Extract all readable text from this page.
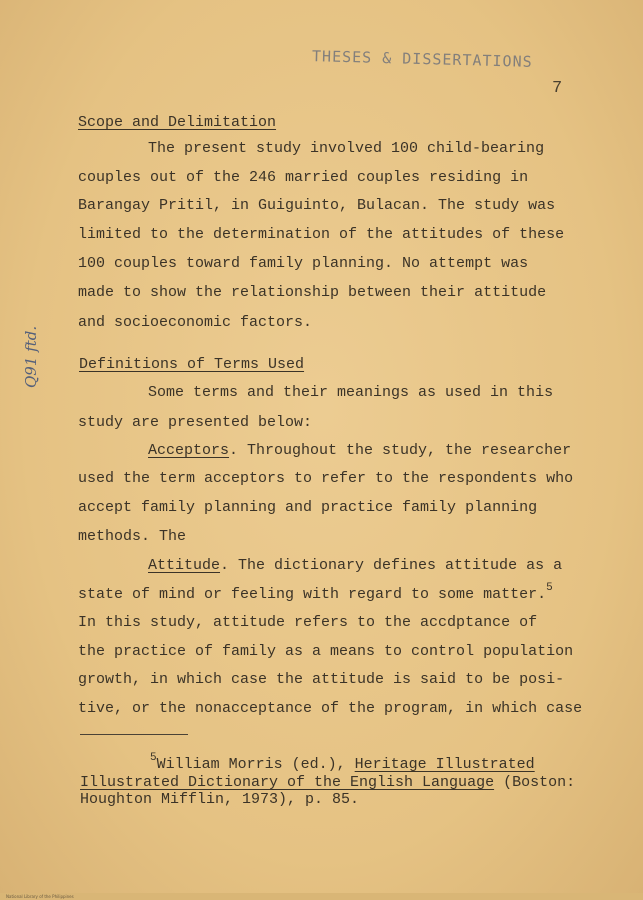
THESES & DISSERTATIONS
7
Q91 ftd.
Scope and Delimitation
The present study involved 100 child-bearing
couples out of the 246 married couples residing in
Barangay Pritil, in Guiguinto, Bulacan. The study was
limited to the determination of the attitudes of these
100 couples toward family planning. No attempt was
made to show the relationship between their attitude
and socioeconomic factors.
Definitions of Terms Used
Some terms and their meanings as used in this
study are presented below:
Acceptors. Throughout the study, the researcher
used the term acceptors to refer to the respondents who
accept family planning and practice family planning
methods. The
Attitude. The dictionary defines attitude as a
state of mind or feeling with regard to some matter.$^5$
In this study, attitude refers to the accdptance of
the practice of family as a means to control population
growth, in which case the attitude is said to be posi-
tive, or the nonacceptance of the program, in which case
$^5$William Morris (ed.), Heritage Illustrated
Illustrated Dictionary of the English Language (Boston:
Houghton Mifflin, 1973), p. 85.
National Library of the Philippines
